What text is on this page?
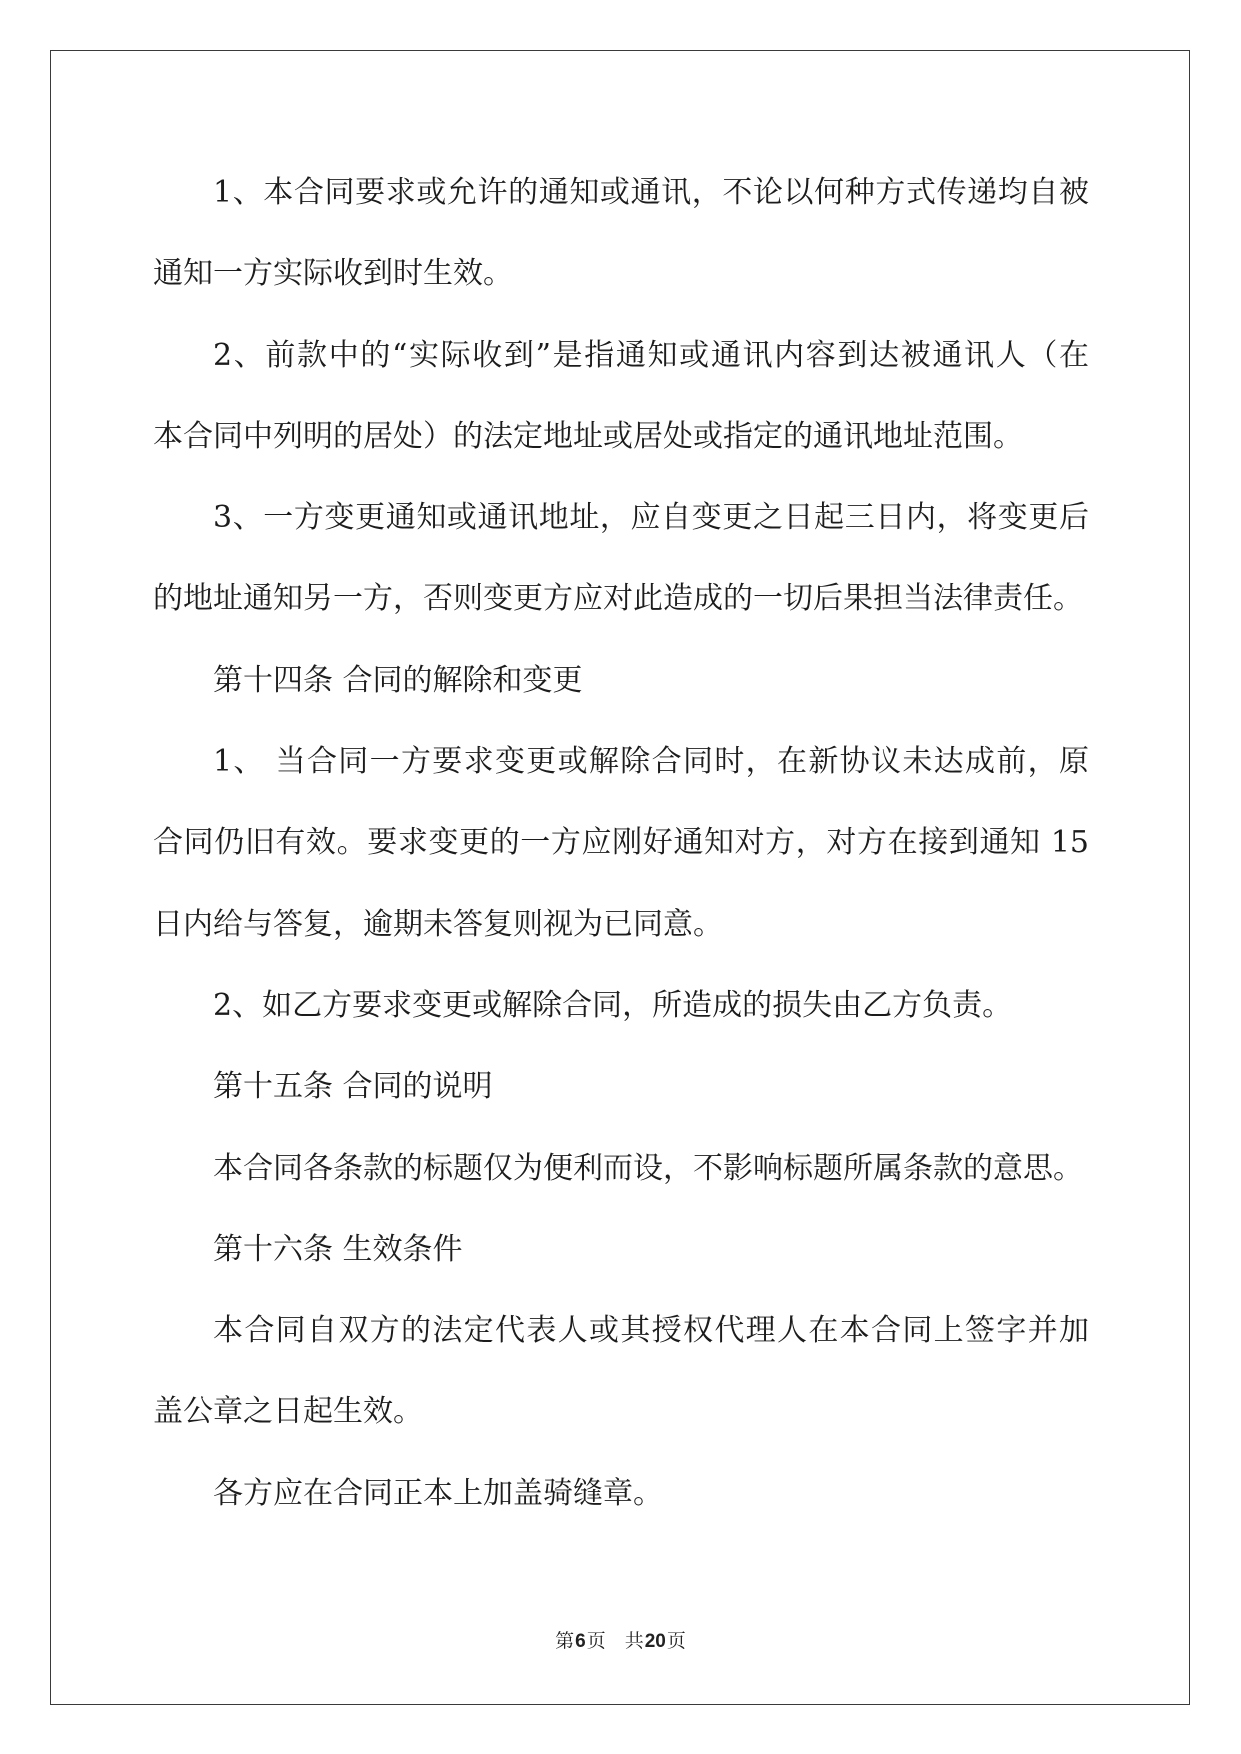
1、本合同要求或允许的通知或通讯，不论以何种方式传递均自被
通知一方实际收到时生效。
2、前款中的“实际收到”是指通知或通讯内容到达被通讯人（在
本合同中列明的居处）的法定地址或居处或指定的通讯地址范围。
3、一方变更通知或通讯地址，应自变更之日起三日内，将变更后
的地址通知另一方，否则变更方应对此造成的一切后果担当法律责任。
第十四条 合同的解除和变更
1、 当合同一方要求变更或解除合同时，在新协议未达成前，原
合同仍旧有效。要求变更的一方应刚好通知对方，对方在接到通知 15
日内给与答复，逾期未答复则视为已同意。
2、如乙方要求变更或解除合同，所造成的损失由乙方负责。
第十五条 合同的说明
本合同各条款的标题仅为便利而设，不影响标题所属条款的意思。
第十六条 生效条件
本合同自双方的法定代表人或其授权代理人在本合同上签字并加
盖公章之日起生效。
各方应在合同正本上加盖骑缝章。
第6页　共20页
